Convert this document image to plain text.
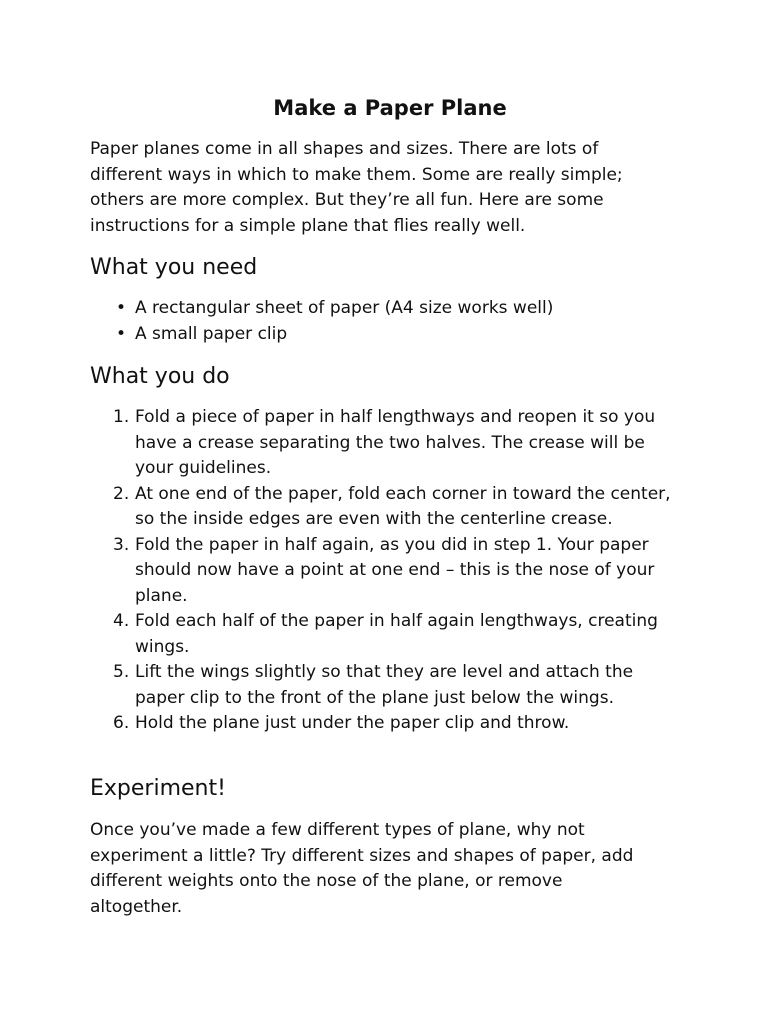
Make a Paper Plane

Paper planes come in all shapes and sizes. There are lots of different ways in which to make them. Some are really simple; others are more complex. But they’re all fun. Here are some instructions for a simple plane that flies really well.

What you need
• A rectangular sheet of paper (A4 size works well)
• A small paper clip
What you do
1. Fold a piece of paper in half lengthways and reopen it so you have a crease separating the two halves. The crease will be your guidelines.
2. At one end of the paper, fold each corner in toward the center, so the inside edges are even with the centerline crease.
3. Fold the paper in half again, as you did in step 1. Your paper should now have a point at one end – this is the nose of your plane.
4. Fold each half of the paper in half again lengthways, creating wings.
5. Lift the wings slightly so that they are level and attach the paper clip to the front of the plane just below the wings.
6. Hold the plane just under the paper clip and throw.
Experiment!

Once you’ve made a few different types of plane, why not experiment a little? Try different sizes and shapes of paper, add different weights onto the nose of the plane, or remove altogether.
